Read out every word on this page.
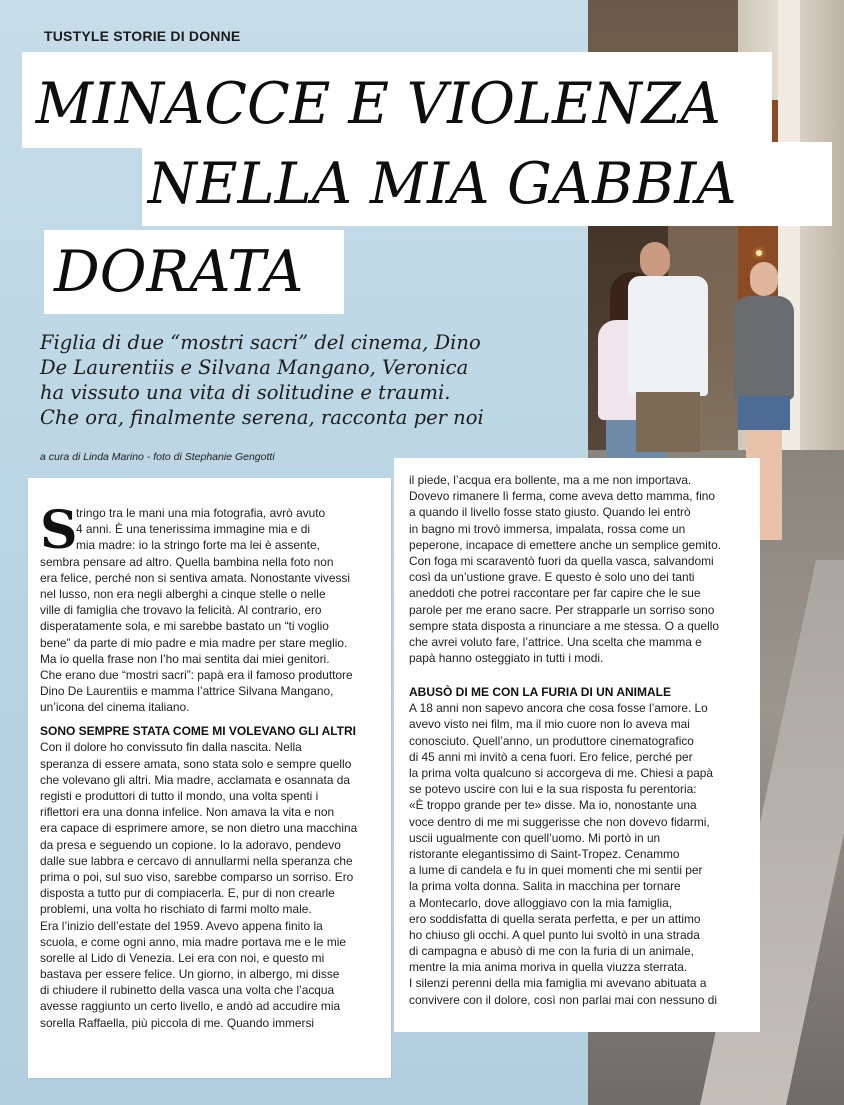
TUSTYLE STORIE DI DONNE
MINACCE E VIOLENZA
NELLA MIA GABBIA
DORATA
Figlia di due “mostri sacri” del cinema, Dino
De Laurentiis e Silvana Mangano, Veronica
ha vissuto una vita di solitudine e traumi.
Che ora, finalmente serena, racconta per noi
a cura di Linda Marino - foto di Stephanie Gengotti
S
tringo tra le mani una mia fotografia, avrò avuto
4 anni. È una tenerissima immagine mia e di
mia madre: io la stringo forte ma lei è assente,
sembra pensare ad altro. Quella bambina nella foto non
era felice, perché non si sentiva amata. Nonostante vivessi
nel lusso, non era negli alberghi a cinque stelle o nelle
ville di famiglia che trovavo la felicità. Al contrario, ero
disperatamente sola, e mi sarebbe bastato un “ti voglio
bene” da parte di mio padre e mia madre per stare meglio.
Ma io quella frase non l’ho mai sentita dai miei genitori.
Che erano due “mostri sacri”: papà era il famoso produttore
Dino De Laurentiis e mamma l’attrice Silvana Mangano,
un’icona del cinema italiano.
SONO SEMPRE STATA COME MI VOLEVANO GLI ALTRI
Con il dolore ho convissuto fin dalla nascita. Nella
speranza di essere amata, sono stata solo e sempre quello
che volevano gli altri. Mia madre, acclamata e osannata da
registi e produttori di tutto il mondo, una volta spenti i
riflettori era una donna infelice. Non amava la vita e non
era capace di esprimere amore, se non dietro una macchina
da presa e seguendo un copione. Io la adoravo, pendevo
dalle sue labbra e cercavo di annullarmi nella speranza che
prima o poi, sul suo viso, sarebbe comparso un sorriso. Ero
disposta a tutto pur di compiacerla. E, pur di non crearle
problemi, una volta ho rischiato di farmi molto male.
Era l’inizio dell’estate del 1959. Avevo appena finito la
scuola, e come ogni anno, mia madre portava me e le mie
sorelle al Lido di Venezia. Lei era con noi, e questo mi
bastava per essere felice. Un giorno, in albergo, mi disse
di chiudere il rubinetto della vasca una volta che l’acqua
avesse raggiunto un certo livello, e andò ad accudire mia
sorella Raffaella, più piccola di me. Quando immersi
il piede, l’acqua era bollente, ma a me non importava.
Dovevo rimanere lì ferma, come aveva detto mamma, fino
a quando il livello fosse stato giusto. Quando lei entrò
in bagno mi trovò immersa, impalata, rossa come un
peperone, incapace di emettere anche un semplice gemito.
Con foga mi scaraventò fuori da quella vasca, salvandomi
così da un’ustione grave. E questo è solo uno dei tanti
aneddoti che potrei raccontare per far capire che le sue
parole per me erano sacre. Per strapparle un sorriso sono
sempre stata disposta a rinunciare a me stessa. O a quello
che avrei voluto fare, l’attrice. Una scelta che mamma e
papà hanno osteggiato in tutti i modi.
ABUSÒ DI ME CON LA FURIA DI UN ANIMALE
A 18 anni non sapevo ancora che cosa fosse l’amore. Lo
avevo visto nei film, ma il mio cuore non lo aveva mai
conosciuto. Quell’anno, un produttore cinematografico
di 45 anni mi invitò a cena fuori. Ero felice, perché per
la prima volta qualcuno si accorgeva di me. Chiesi a papà
se potevo uscire con lui e la sua risposta fu perentoria:
«È troppo grande per te» disse. Ma io, nonostante una
voce dentro di me mi suggerisse che non dovevo fidarmi,
uscii ugualmente con quell’uomo. Mi portò in un
ristorante elegantissimo di Saint-Tropez. Cenammo
a lume di candela e fu in quei momenti che mi sentii per
la prima volta donna. Salita in macchina per tornare
a Montecarlo, dove alloggiavo con la mia famiglia,
ero soddisfatta di quella serata perfetta, e per un attimo
ho chiuso gli occhi. A quel punto lui svoltò in una strada
di campagna e abusò di me con la furia di un animale,
mentre la mia anima moriva in quella viuzza sterrata.
I silenzi perenni della mia famiglia mi avevano abituata a
convivere con il dolore, così non parlai mai con nessuno di
